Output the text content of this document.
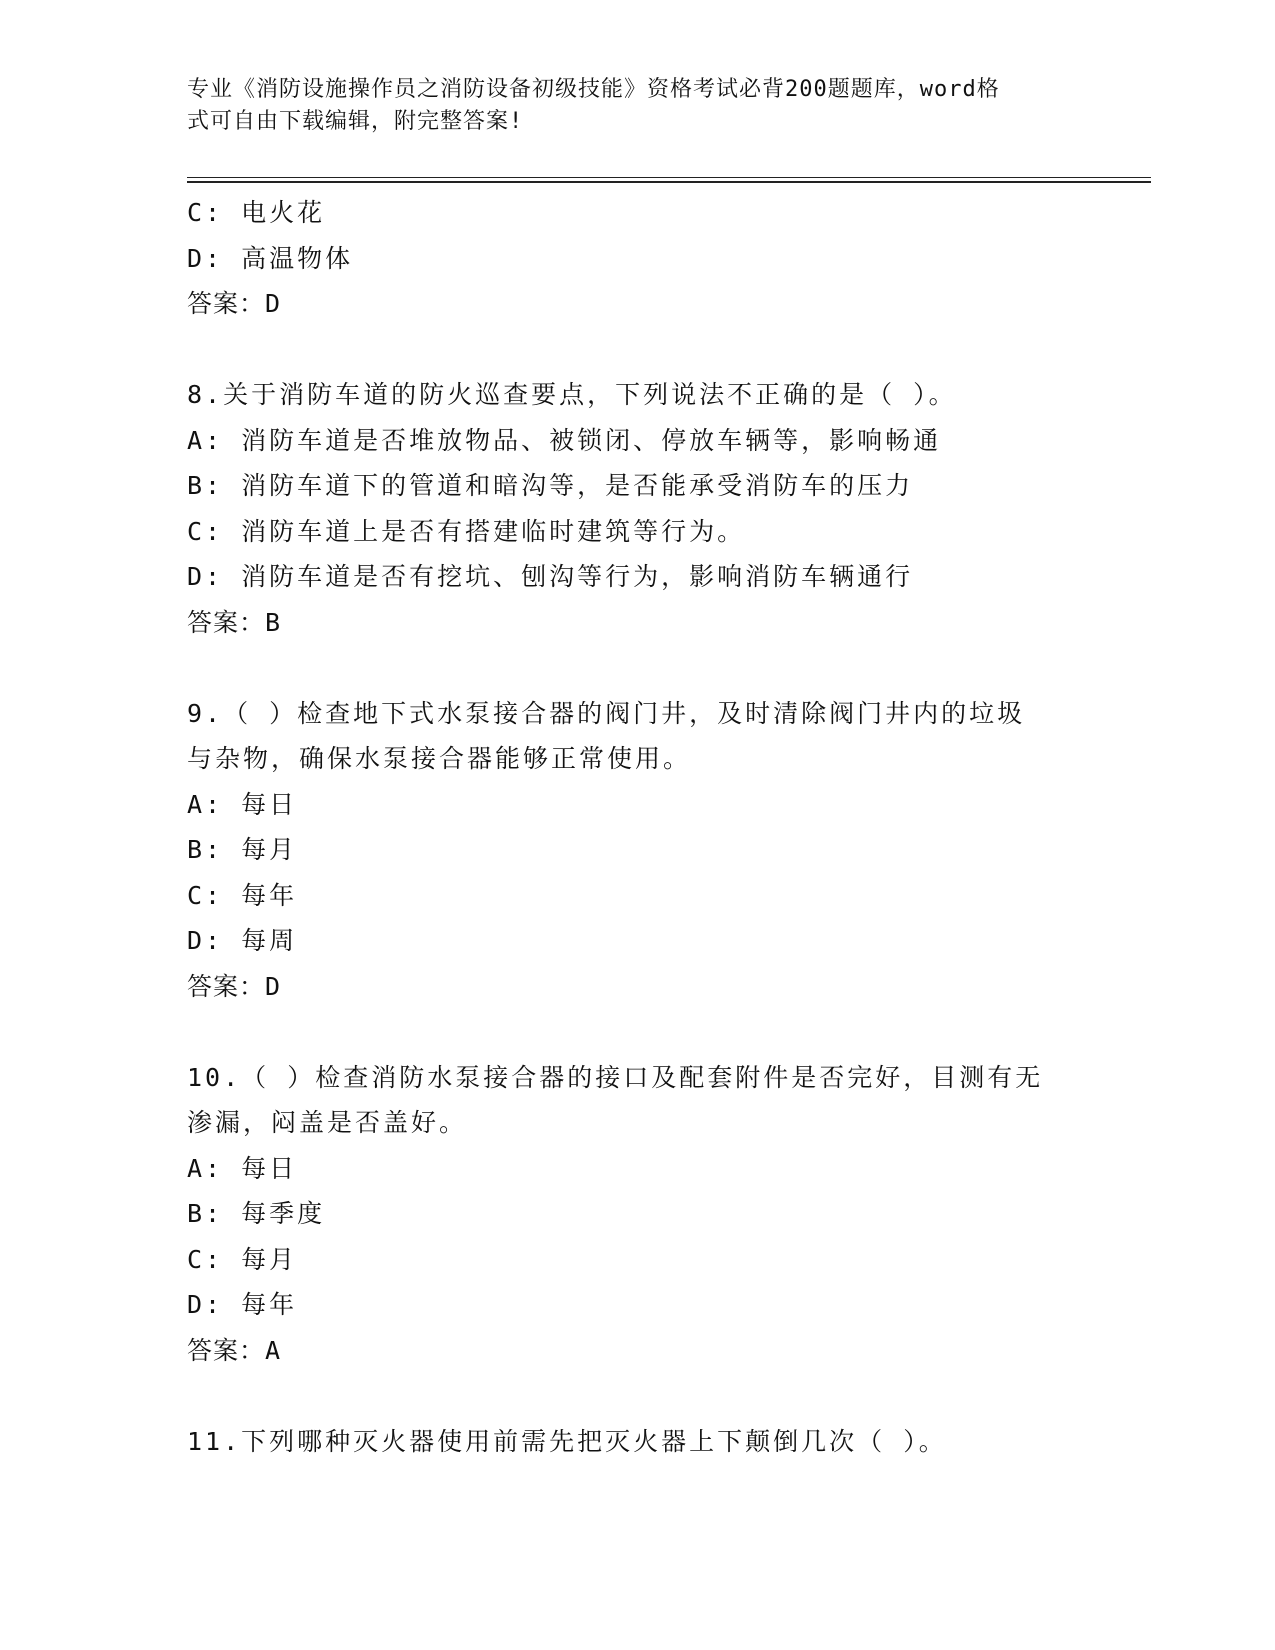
专业《消防设施操作员之消防设备初级技能》资格考试必背200题题库，word格
式可自由下载编辑，附完整答案!
C: 电火花
D: 高温物体
答案：D
8.关于消防车道的防火巡查要点，下列说法不正确的是（ ）。
A: 消防车道是否堆放物品、被锁闭、停放车辆等，影响畅通
B: 消防车道下的管道和暗沟等，是否能承受消防车的压力
C: 消防车道上是否有搭建临时建筑等行为。
D: 消防车道是否有挖坑、刨沟等行为，影响消防车辆通行
答案：B
9.（ ）检查地下式水泵接合器的阀门井，及时清除阀门井内的垃圾
与杂物，确保水泵接合器能够正常使用。
A: 每日
B: 每月
C: 每年
D: 每周
答案：D
10.（ ）检查消防水泵接合器的接口及配套附件是否完好，目测有无
渗漏，闷盖是否盖好。
A: 每日
B: 每季度
C: 每月
D: 每年
答案：A
11.下列哪种灭火器使用前需先把灭火器上下颠倒几次（ ）。
